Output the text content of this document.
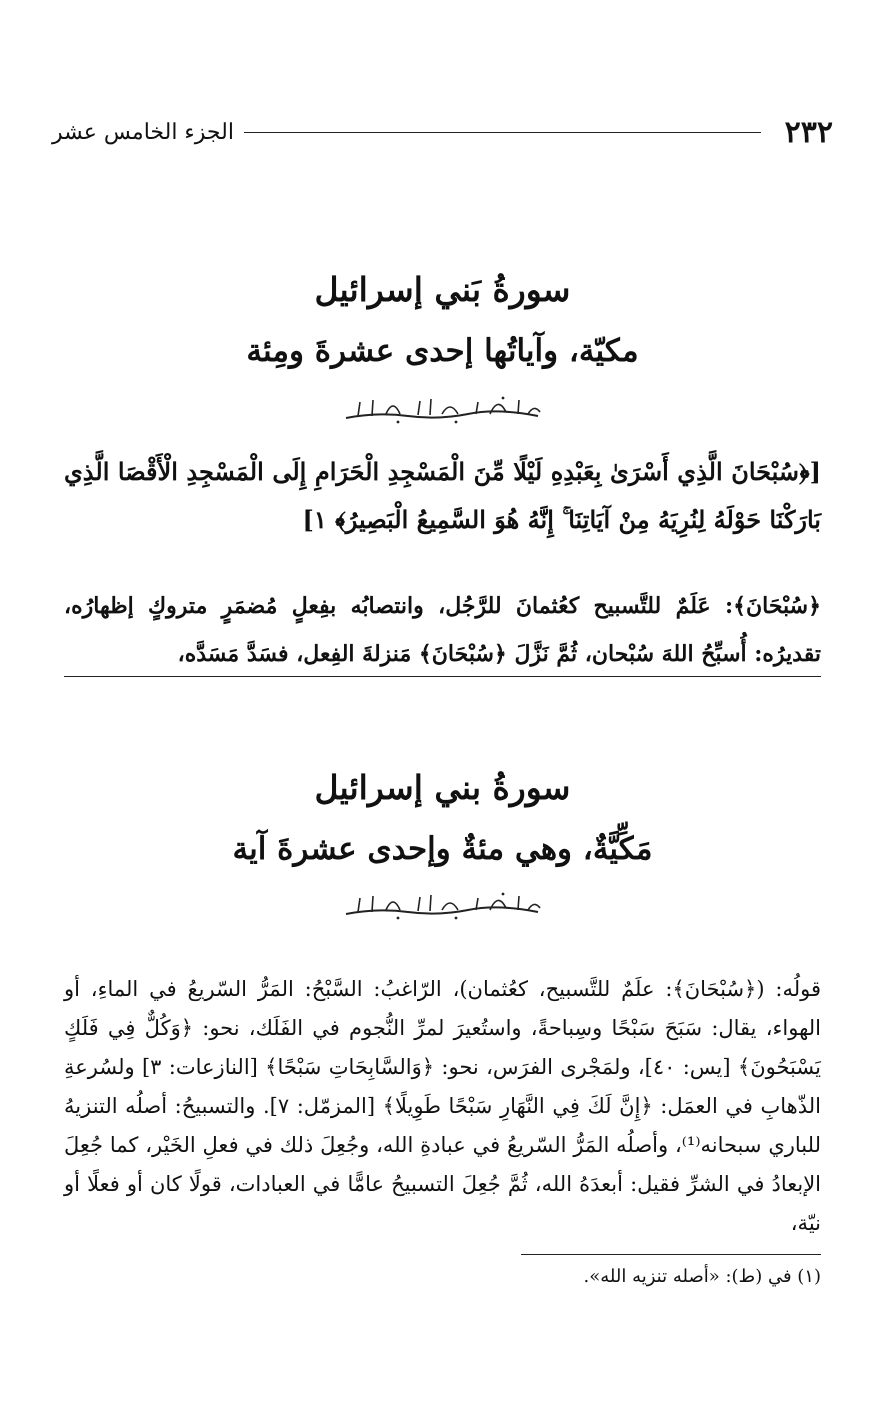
٢٣٢
الجزء الخامس عشر
سورةُ بَني إسرائيل
مكيّة، وآياتُها إحدى عشرةَ ومِئة

[﴿سُبْحَانَ الَّذِي أَسْرَىٰ بِعَبْدِهِ لَيْلًا مِّنَ الْمَسْجِدِ الْحَرَامِ إِلَى الْمَسْجِدِ الْأَقْصَا الَّذِي بَارَكْنَا حَوْلَهُ لِنُرِيَهُ مِنْ آيَاتِنَا ۚ إِنَّهُ هُوَ السَّمِيعُ الْبَصِيرُ﴾ ١]

﴿سُبْحَانَ﴾: عَلَمٌ للتَّسبيح كعُثمانَ للرَّجُل، وانتصابُه بفِعلٍ مُضمَرٍ متروكٍ إظهارُه، تقديرُه: أُسبِّحُ اللهَ سُبْحان، ثُمَّ نَزَّلَ ﴿سُبْحَانَ﴾ مَنزلةَ الفِعل، فسَدَّ مَسَدَّه،

سورةُ بني إسرائيل
مَكِّيَّةٌ، وهي مئةٌ وإحدى عشرةَ آية

قولُه: (﴿سُبْحَانَ﴾: علَمٌ للتَّسبيح، كعُثمان)، الرّاغبُ: السَّبْحُ: المَرُّ السّريعُ في الماءِ، أو الهواء، يقال: سَبَحَ سَبْحًا وسِباحةً، واستُعيرَ لمرِّ النُّجوم في الفَلَك، نحو: ﴿وَكُلٌّ فِي فَلَكٍ يَسْبَحُونَ﴾ [يس: ٤٠]، ولمَجْرى الفرَس، نحو: ﴿وَالسَّابِحَاتِ سَبْحًا﴾ [النازعات: ٣] ولسُرعةِ الذّهابِ في العمَل: ﴿إِنَّ لَكَ فِي النَّهَارِ سَبْحًا طَوِيلًا﴾ [المزمّل: ٧]. والتسبيحُ: أصلُه التنزيهُ للباري سبحانه⁽¹⁾، وأصلُه المَرُّ السّريعُ في عبادةِ الله، وجُعِلَ ذلك في فعلِ الخَيْر، كما جُعِلَ الإبعادُ في الشرِّ فقيل: أبعدَهُ الله، ثُمَّ جُعِلَ التسبيحُ عامًّا في العبادات، قولًا كان أو فعلًا أو نيّة،

(١) في (ط): «أصله تنزيه الله».
